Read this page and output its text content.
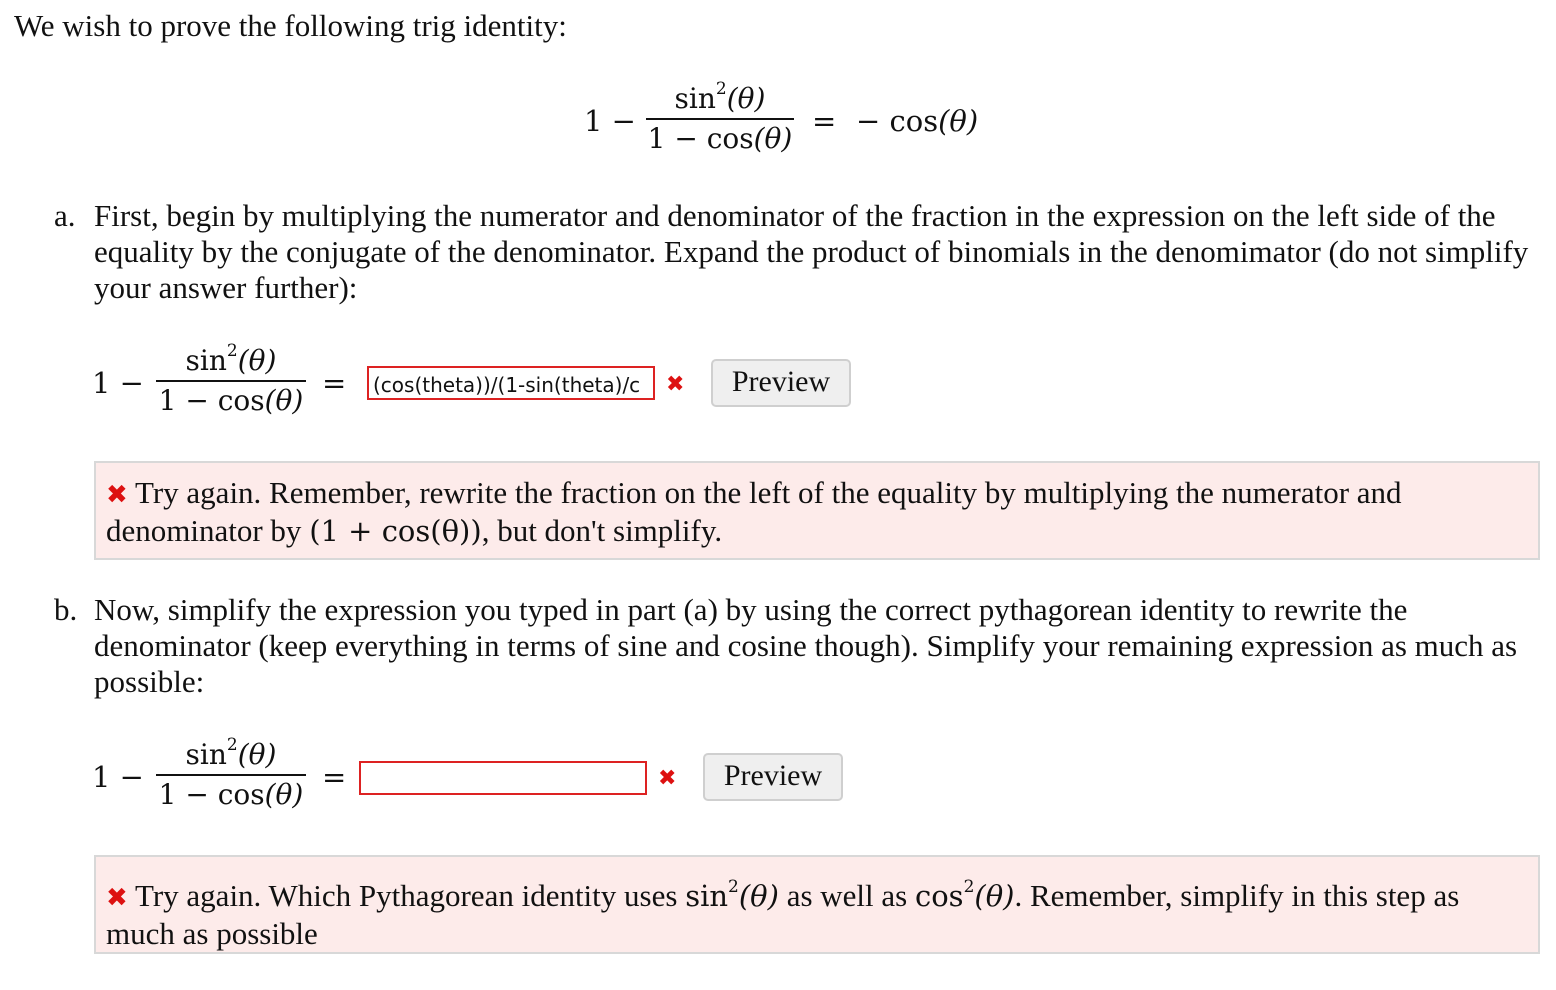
We wish to prove the following trig identity:
1 −
$\sin^2(\theta)$
1 − cos(θ) = − cos(θ)
a. First, begin by multiplying the numerator and denominator of the fraction in the expression on the left side of the equality by the conjugate of the denominator. Expand the product of binomials in the denomimator (do not simplify your answer further):
1 −
$\sin^2(\theta)$
1 − cos(θ) =	(cos(theta))/(1-sin(theta)/c	✖	Preview
✖ Try again. Remember, rewrite the fraction on the left of the equality by multiplying the numerator and denominator by (1 + cos(θ)), but don't simplify.
b. Now, simplify the expression you typed in part (a) by using the correct pythagorean identity to rewrite the denominator (keep everything in terms of sine and cosine though). Simplify your remaining expression as much as possible:
1 −
$\sin^2(\theta)$
1 − cos(θ) =	✖	Preview
✖ Try again. Which Pythagorean identity uses $\sin^2(\theta)$ as well as $\cos^2(\theta)$. Remember, simplify in this step as much as possible
